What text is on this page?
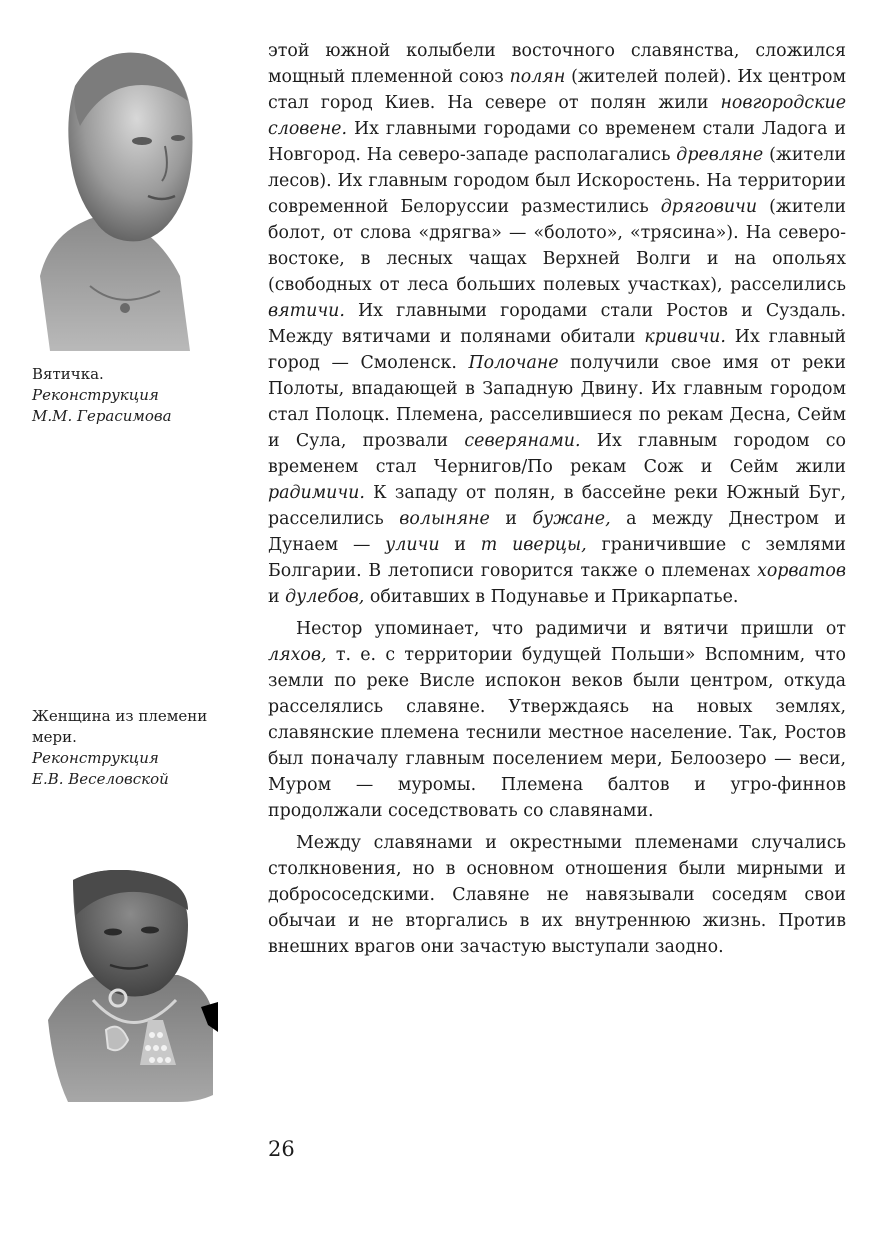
Вятичка.
Реконструкция
М.М. Герасимова
Женщина из племени мери.
Реконструкция
Е.В. Веселовской

этой южной колыбели восточного славянства, сложился мощный племенной союз полян (жителей полей). Их центром стал город Киев. На севере от полян жили новгородские словене. Их главными городами со временем стали Ладога и Новгород. На северо-западе располагались древляне (жители лесов). Их главным городом был Искоростень. На территории современной Белоруссии разместились дряговичи (жители болот, от слова «дрягва» — «болото», «трясина»). На северо-востоке, в лесных чащах Верхней Волги и на опольях (свободных от леса больших полевых участках), расселились вятичи. Их главными городами стали Ростов и Суздаль. Между вятичами и полянами обитали кривичи. Их главный город — Смоленск. Полочане получили свое имя от реки Полоты, впадающей в Западную Двину. Их главным городом стал Полоцк. Племена, расселившиеся по рекам Десна, Сейм и Сула, прозвали северянами. Их главным городом со временем стал Чернигов/По рекам Сож и Сейм жили радимичи. К западу от полян, в бассейне реки Южный Буг, расселились волыняне и бужане, а между Днестром и Дунаем — уличи и т иверцы, граничившие с землями Болгарии. В летописи говорится также о племенах хорватов и дулебов, обитавших в Подунавье и Прикарпатье.

Нестор упоминает, что радимичи и вятичи пришли от ляхов, т. е. с территории будущей Польши» Вспомним, что земли по реке Висле испокон веков были центром, откуда расселялись славяне. Утверждаясь на новых землях, славянские племена теснили местное население. Так, Ростов был поначалу главным поселением мери, Белоозеро — веси, Муром — муромы. Племена балтов и угро-финнов продолжали соседствовать со славянами.

Между славянами и окрестными племенами случались столкновения, но в основном отношения были мирными и добрососедскими. Славяне не навязывали соседям свои обычаи и не вторгались в их внутреннюю жизнь. Против внешних врагов они зачастую выступали заодно.

26
